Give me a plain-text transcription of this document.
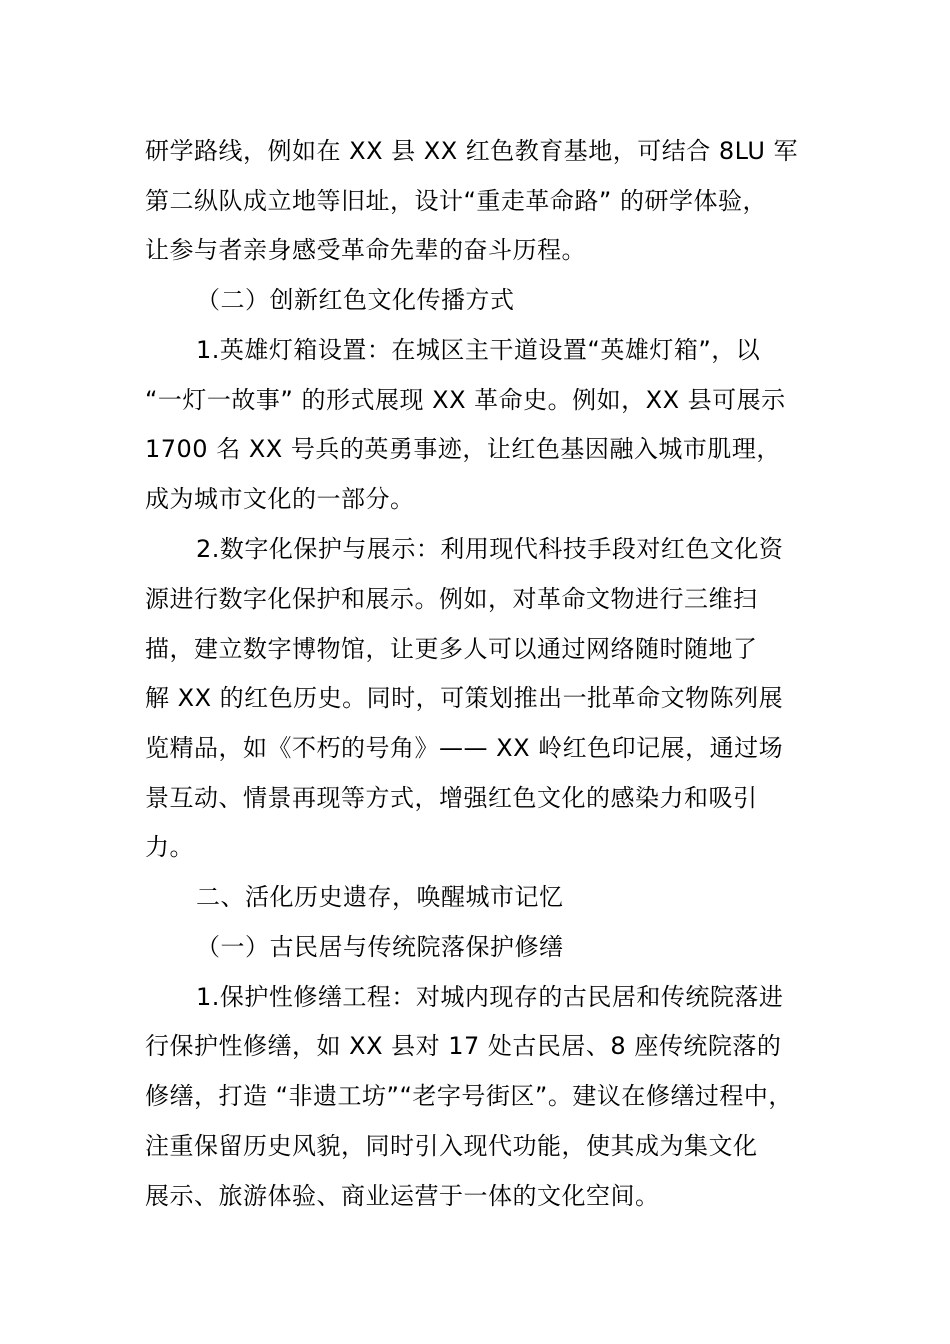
研学路线，例如在 XX 县 XX 红色教育基地，可结合 8LU 军
第二纵队成立地等旧址，设计“重走革命路” 的研学体验，
让参与者亲身感受革命先辈的奋斗历程。
（二）创新红色文化传播方式
1.英雄灯箱设置：在城区主干道设置“英雄灯箱”，以
“一灯一故事” 的形式展现 XX 革命史。例如，XX 县可展示
1700 名 XX 号兵的英勇事迹，让红色基因融入城市肌理，
成为城市文化的一部分。
2.数字化保护与展示：利用现代科技手段对红色文化资
源进行数字化保护和展示。例如，对革命文物进行三维扫
描，建立数字博物馆，让更多人可以通过网络随时随地了
解 XX 的红色历史。同时，可策划推出一批革命文物陈列展
览精品，如《不朽的号角》—— XX 岭红色印记展，通过场
景互动、情景再现等方式，增强红色文化的感染力和吸引
力。
二、活化历史遗存，唤醒城市记忆
（一）古民居与传统院落保护修缮
1.保护性修缮工程：对城内现存的古民居和传统院落进
行保护性修缮，如 XX 县对 17 处古民居、8 座传统院落的
修缮，打造 “非遗工坊”“老字号街区”。建议在修缮过程中，
注重保留历史风貌，同时引入现代功能，使其成为集文化
展示、旅游体验、商业运营于一体的文化空间。
